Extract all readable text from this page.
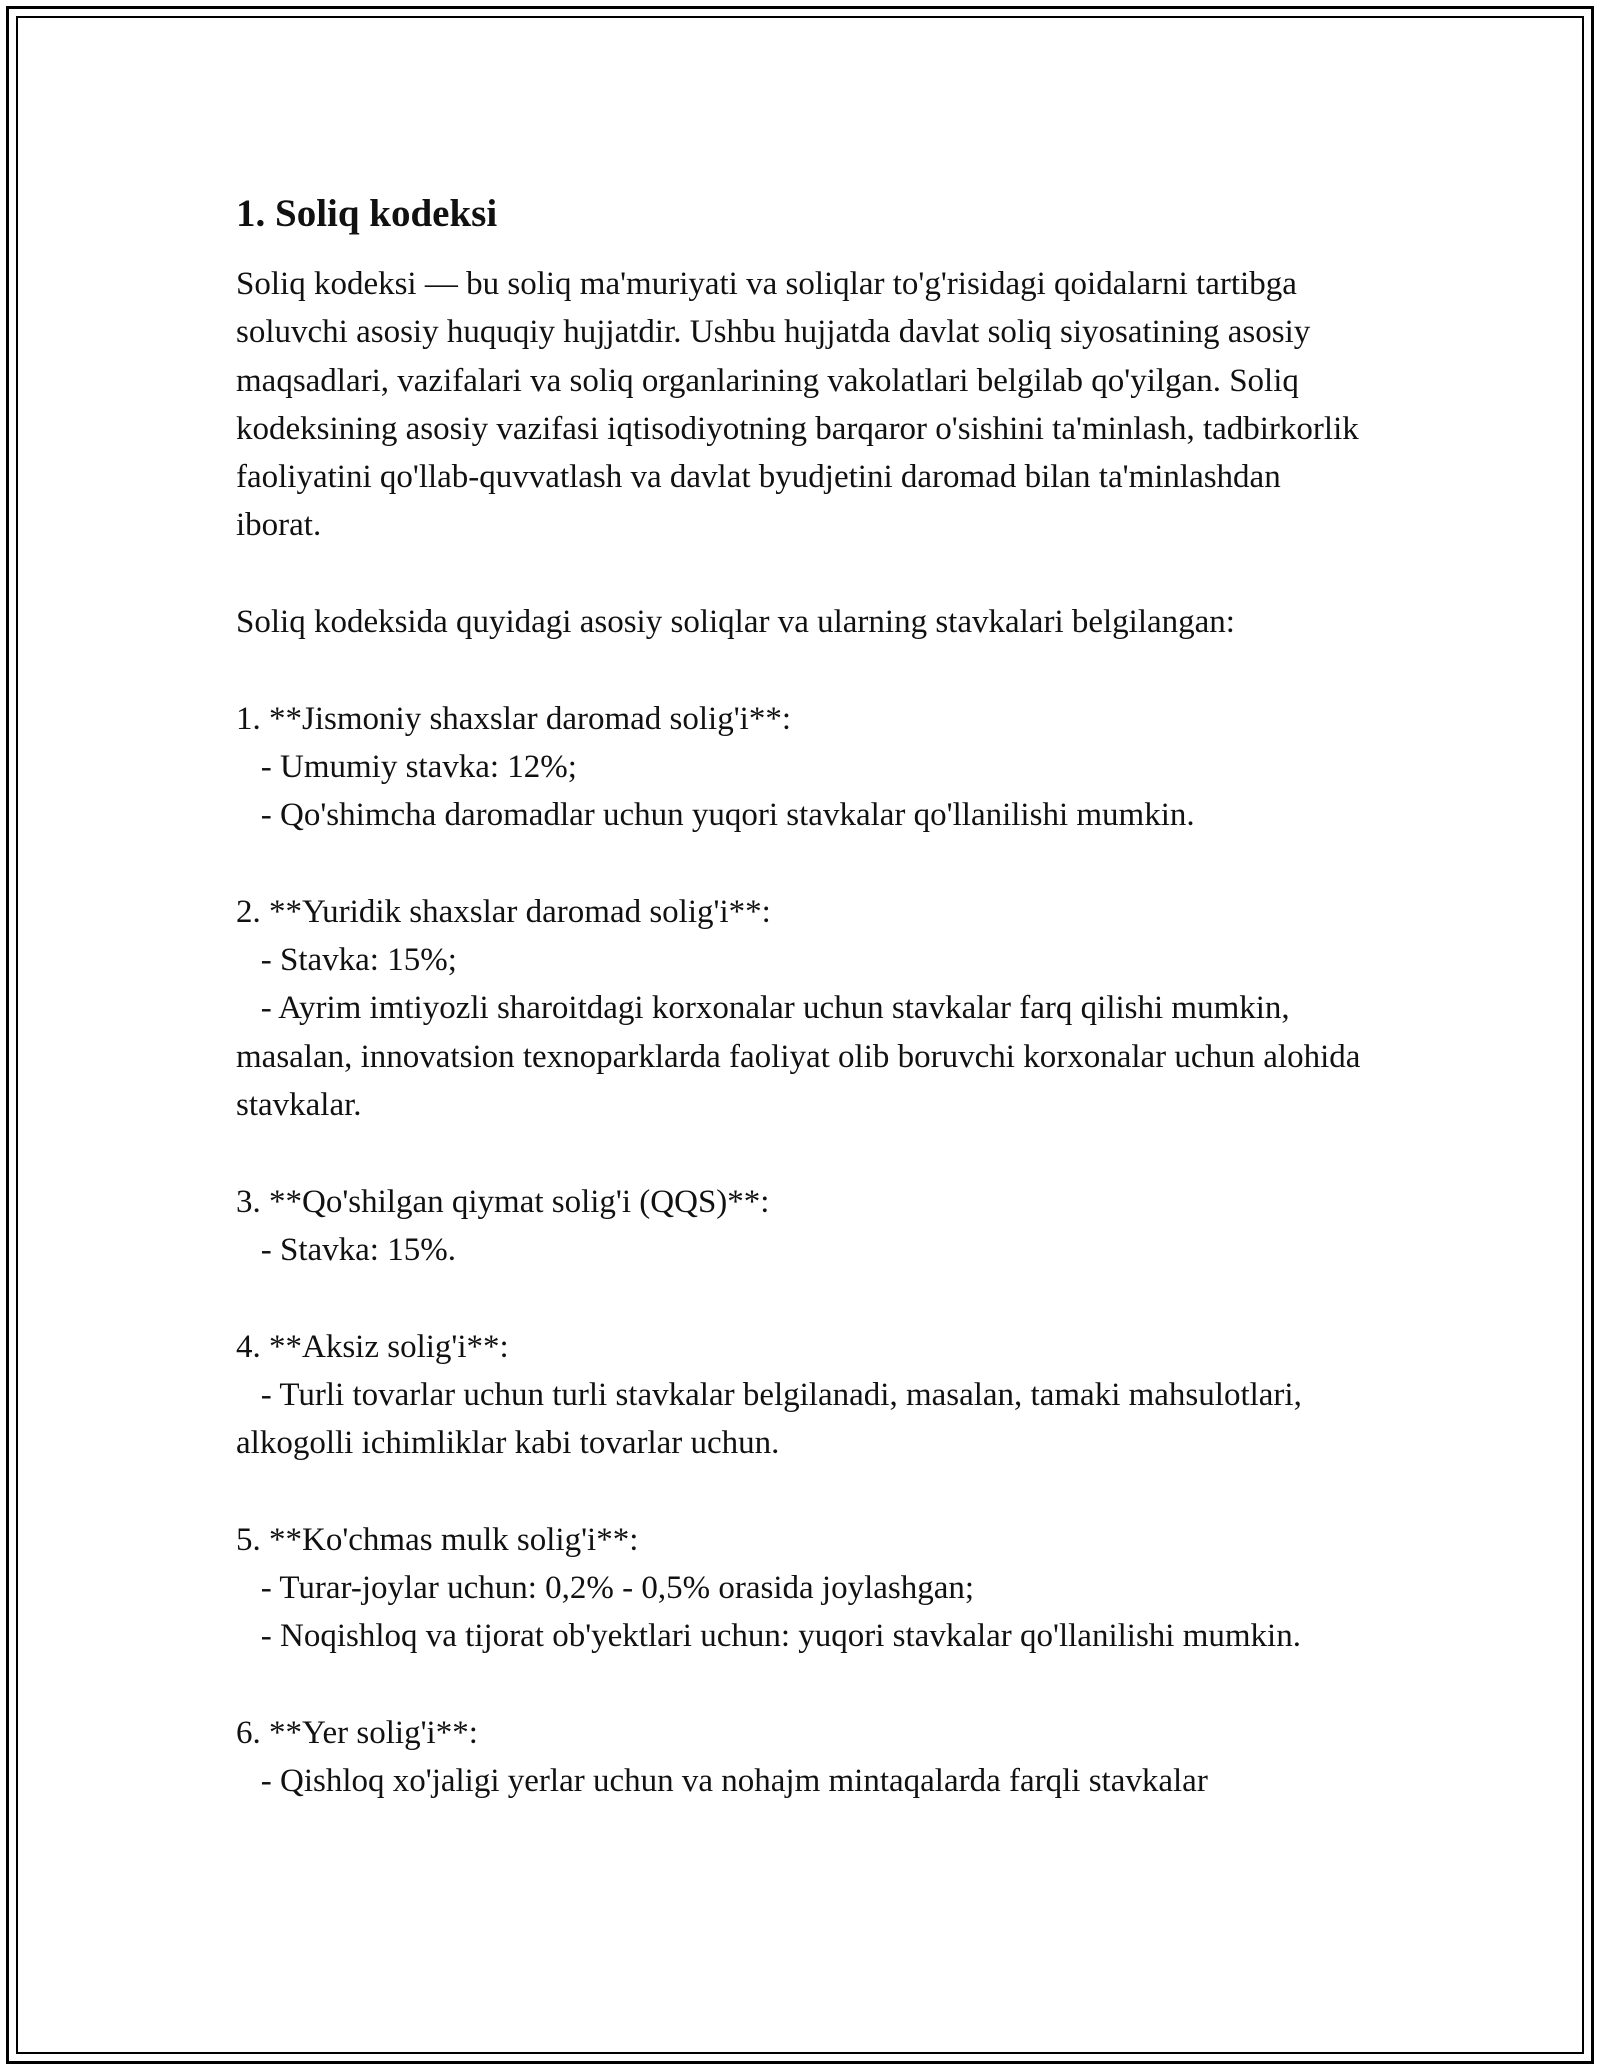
1. Soliq kodeksi

Soliq kodeksi — bu soliq ma'muriyati va soliqlar to'g'risidagi qoidalarni tartibga soluvchi asosiy huquqiy hujjatdir. Ushbu hujjatda davlat soliq siyosatining asosiy maqsadlari, vazifalari va soliq organlarining vakolatlari belgilab qo'yilgan. Soliq kodeksining asosiy vazifasi iqtisodiyotning barqaror o'sishini ta'minlash, tadbirkorlik faoliyatini qo'llab-quvvatlash va davlat byudjetini daromad bilan ta'minlashdan iborat.

Soliq kodeksida quyidagi asosiy soliqlar va ularning stavkalari belgilangan:

1. **Jismoniy shaxslar daromad solig'i**:
- Umumiy stavka: 12%;
- Qo'shimcha daromadlar uchun yuqori stavkalar qo'llanilishi mumkin.
2. **Yuridik shaxslar daromad solig'i**:
- Stavka: 15%;
- Ayrim imtiyozli sharoitdagi korxonalar uchun stavkalar farq qilishi mumkin, masalan, innovatsion texnoparklarda faoliyat olib boruvchi korxonalar uchun alohida stavkalar.
3. **Qo'shilgan qiymat solig'i (QQS)**:
- Stavka: 15%.
4. **Aksiz solig'i**:
- Turli tovarlar uchun turli stavkalar belgilanadi, masalan, tamaki mahsulotlari, alkogolli ichimliklar kabi tovarlar uchun.
5. **Ko'chmas mulk solig'i**:
- Turar-joylar uchun: 0,2% - 0,5% orasida joylashgan;
- Noqishloq va tijorat ob'yektlari uchun: yuqori stavkalar qo'llanilishi mumkin.
6. **Yer solig'i**:
- Qishloq xo'jaligi yerlar uchun va nohajm mintaqalarda farqli stavkalar
